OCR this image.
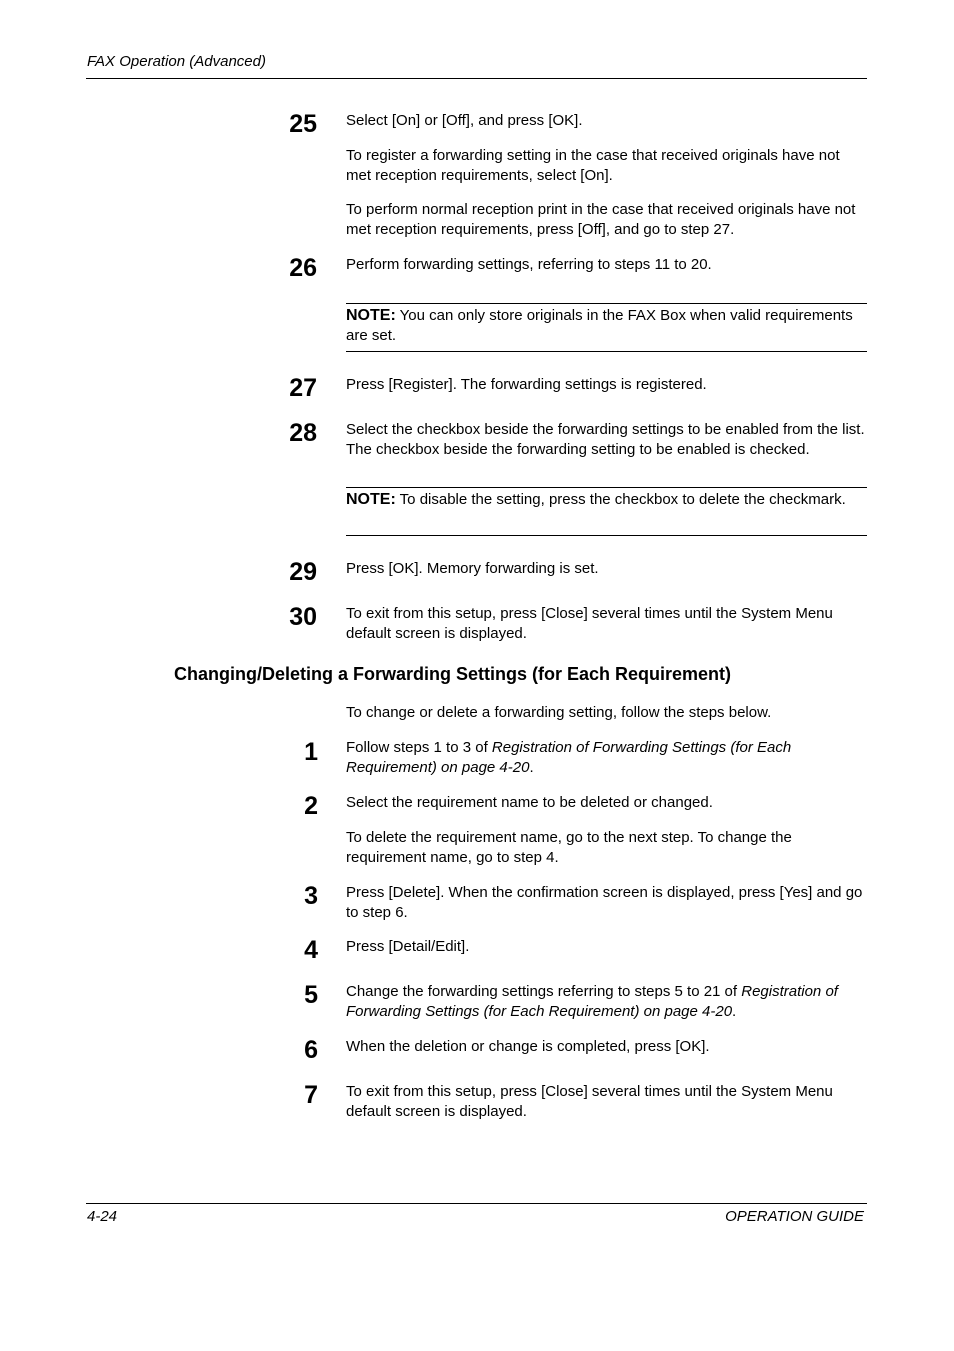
FAX Operation (Advanced)
25 Select [On] or [Off], and press [OK].
To register a forwarding setting in the case that received originals have not met reception requirements, select [On].
To perform normal reception print in the case that received originals have not met reception requirements, press [Off], and go to step 27.
26 Perform forwarding settings, referring to steps 11 to 20.
NOTE: You can only store originals in the FAX Box when valid requirements are set.
27 Press [Register]. The forwarding settings is registered.
28 Select the checkbox beside the forwarding settings to be enabled from the list. The checkbox beside the forwarding setting to be enabled is checked.
NOTE: To disable the setting, press the checkbox to delete the checkmark.
29 Press [OK]. Memory forwarding is set.
30 To exit from this setup, press [Close] several times until the System Menu default screen is displayed.
Changing/Deleting a Forwarding Settings (for Each Requirement)
To change or delete a forwarding setting, follow the steps below.
1 Follow steps 1 to 3 of Registration of Forwarding Settings (for Each Requirement) on page 4-20.
2 Select the requirement name to be deleted or changed.
To delete the requirement name, go to the next step. To change the requirement name, go to step 4.
3 Press [Delete]. When the confirmation screen is displayed, press [Yes] and go to step 6.
4 Press [Detail/Edit].
5 Change the forwarding settings referring to steps 5 to 21 of Registration of Forwarding Settings (for Each Requirement) on page 4-20.
6 When the deletion or change is completed, press [OK].
7 To exit from this setup, press [Close] several times until the System Menu default screen is displayed.
4-24	OPERATION GUIDE
